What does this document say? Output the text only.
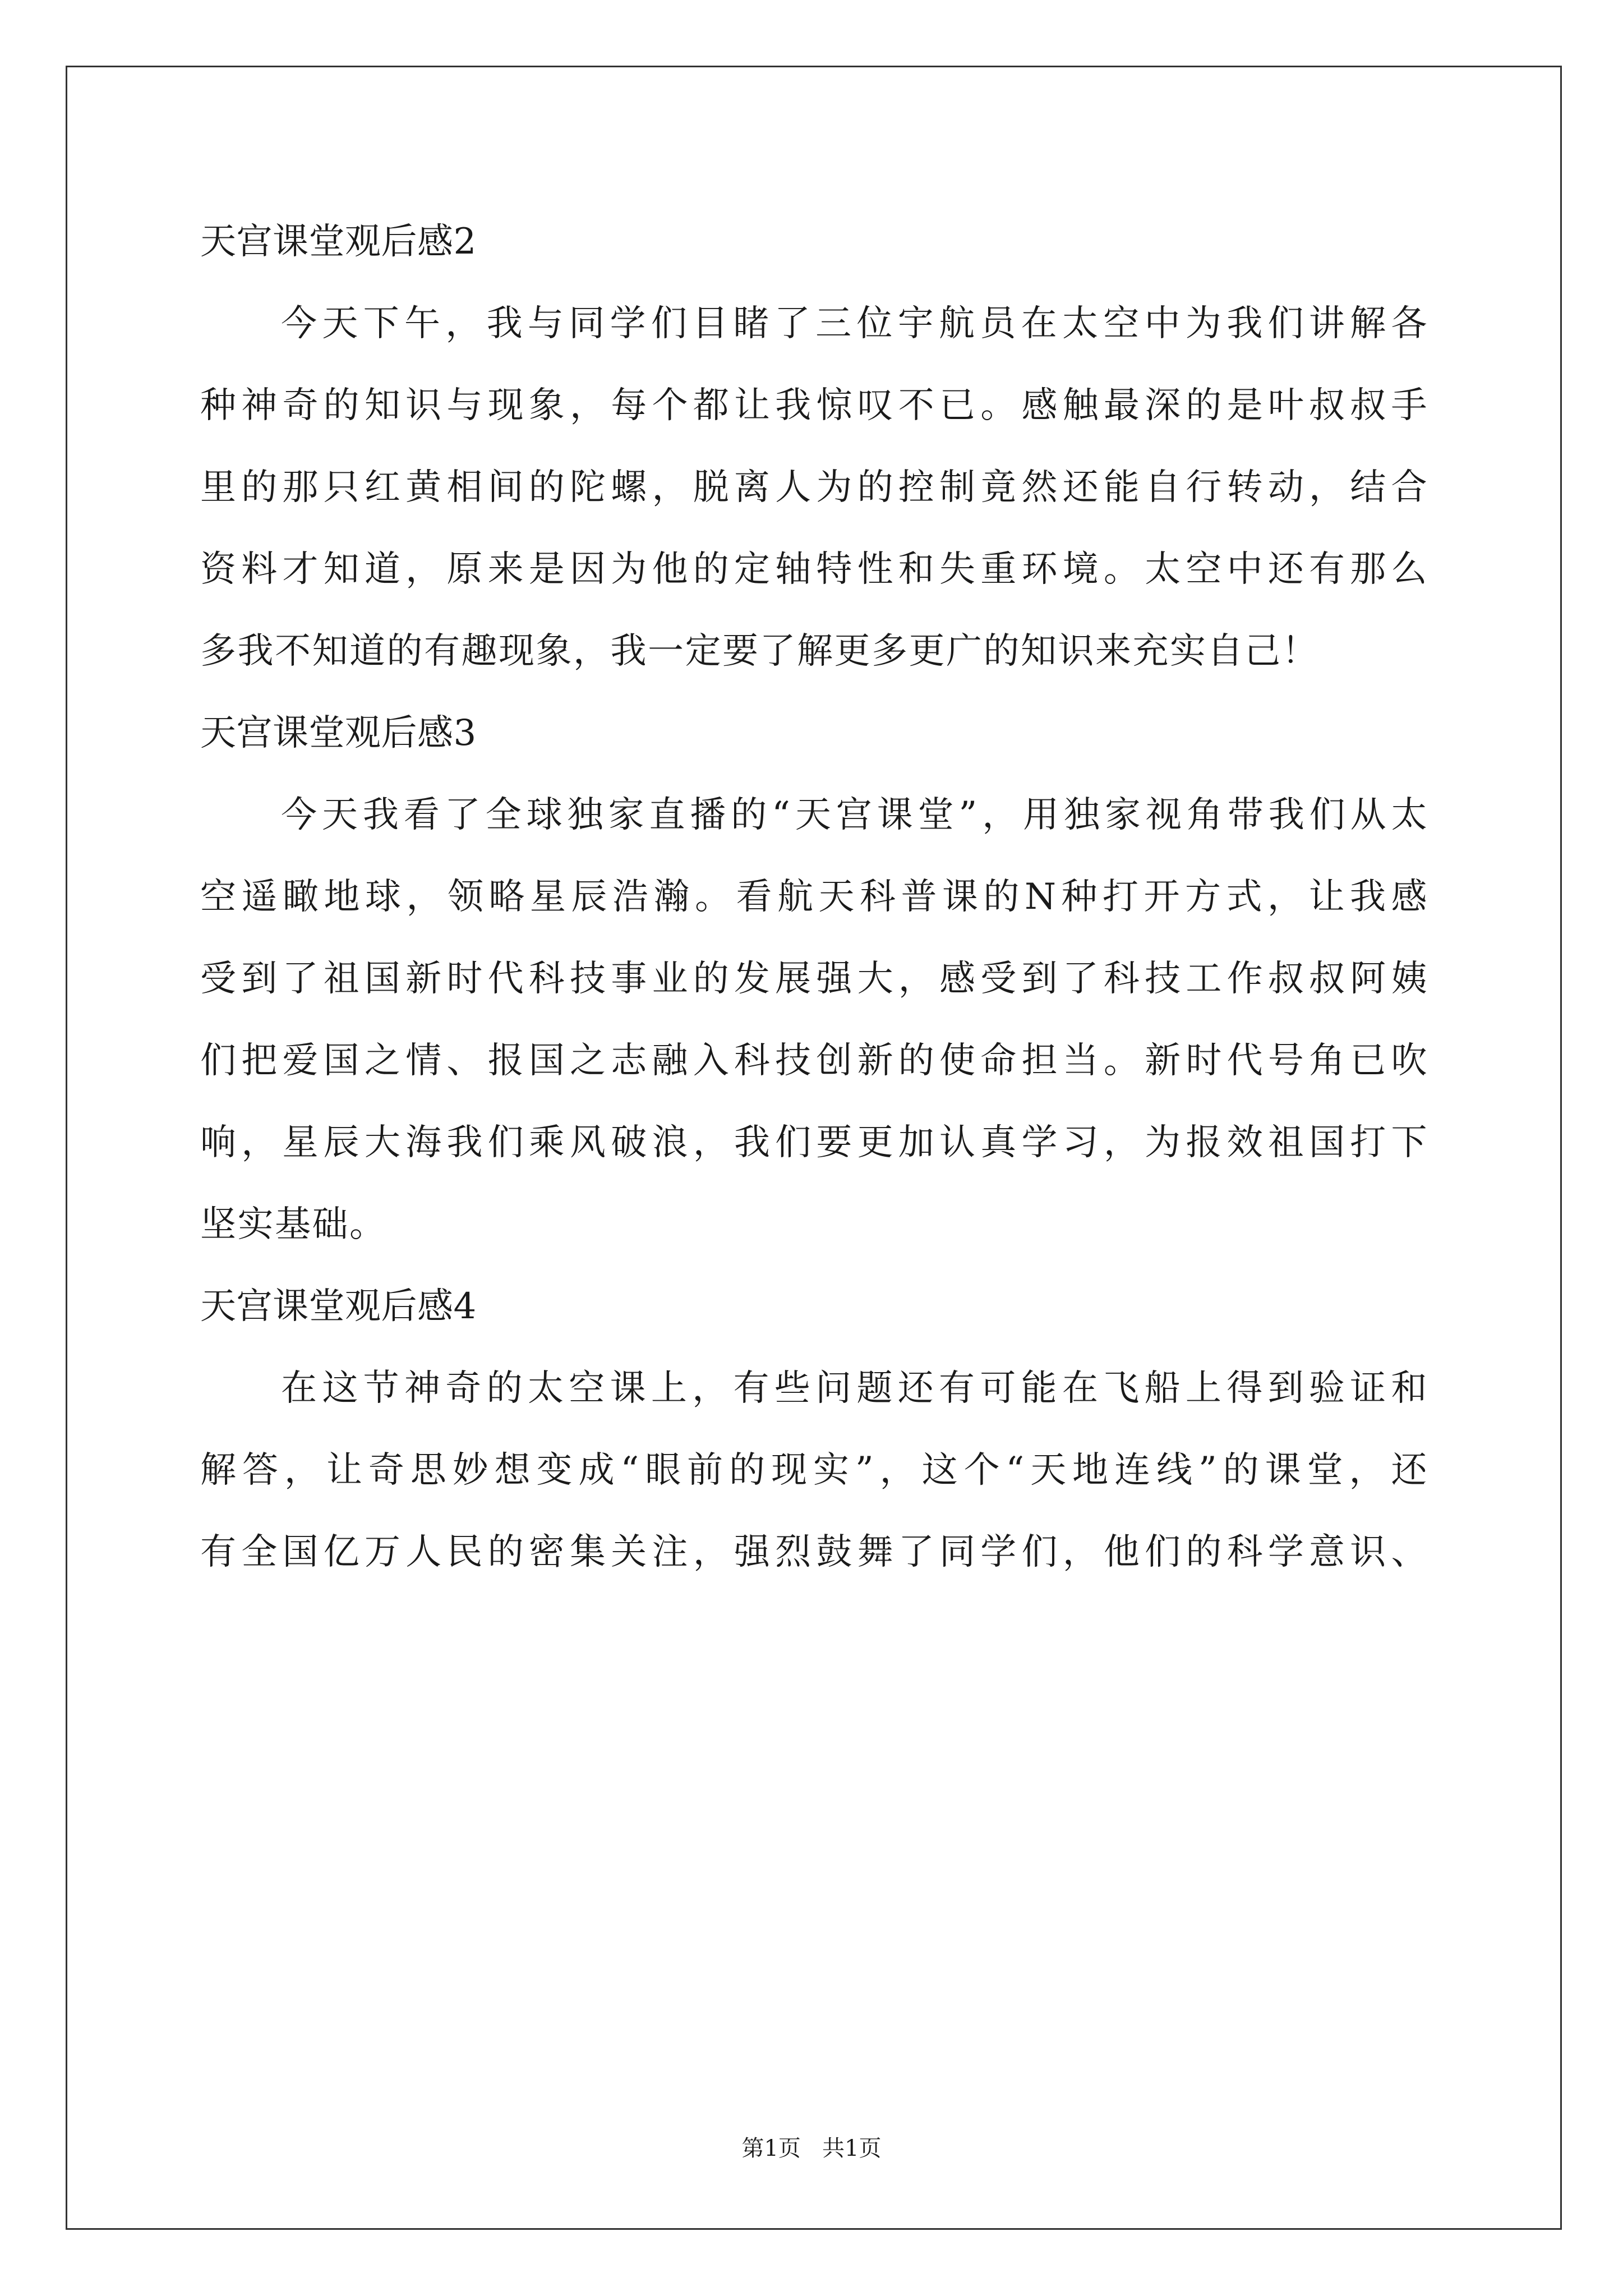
天宫课堂观后感2
今天下午，我与同学们目睹了三位宇航员在太空中为我们讲解各
种神奇的知识与现象，每个都让我惊叹不已。感触最深的是叶叔叔手
里的那只红黄相间的陀螺，脱离人为的控制竟然还能自行转动，结合
资料才知道，原来是因为他的定轴特性和失重环境。太空中还有那么
多我不知道的有趣现象，我一定要了解更多更广的知识来充实自己！
天宫课堂观后感3
今天我看了全球独家直播的“天宫课堂”，用独家视角带我们从太
空遥瞰地球，领略星辰浩瀚。看航天科普课的N种打开方式，让我感
受到了祖国新时代科技事业的发展强大，感受到了科技工作叔叔阿姨
们把爱国之情、报国之志融入科技创新的使命担当。新时代号角已吹
响，星辰大海我们乘风破浪，我们要更加认真学习，为报效祖国打下
坚实基础。
天宫课堂观后感4
在这节神奇的太空课上，有些问题还有可能在飞船上得到验证和
解答，让奇思妙想变成“眼前的现实”，这个“天地连线”的课堂，还
有全国亿万人民的密集关注，强烈鼓舞了同学们，他们的科学意识、
第1页   共1页
